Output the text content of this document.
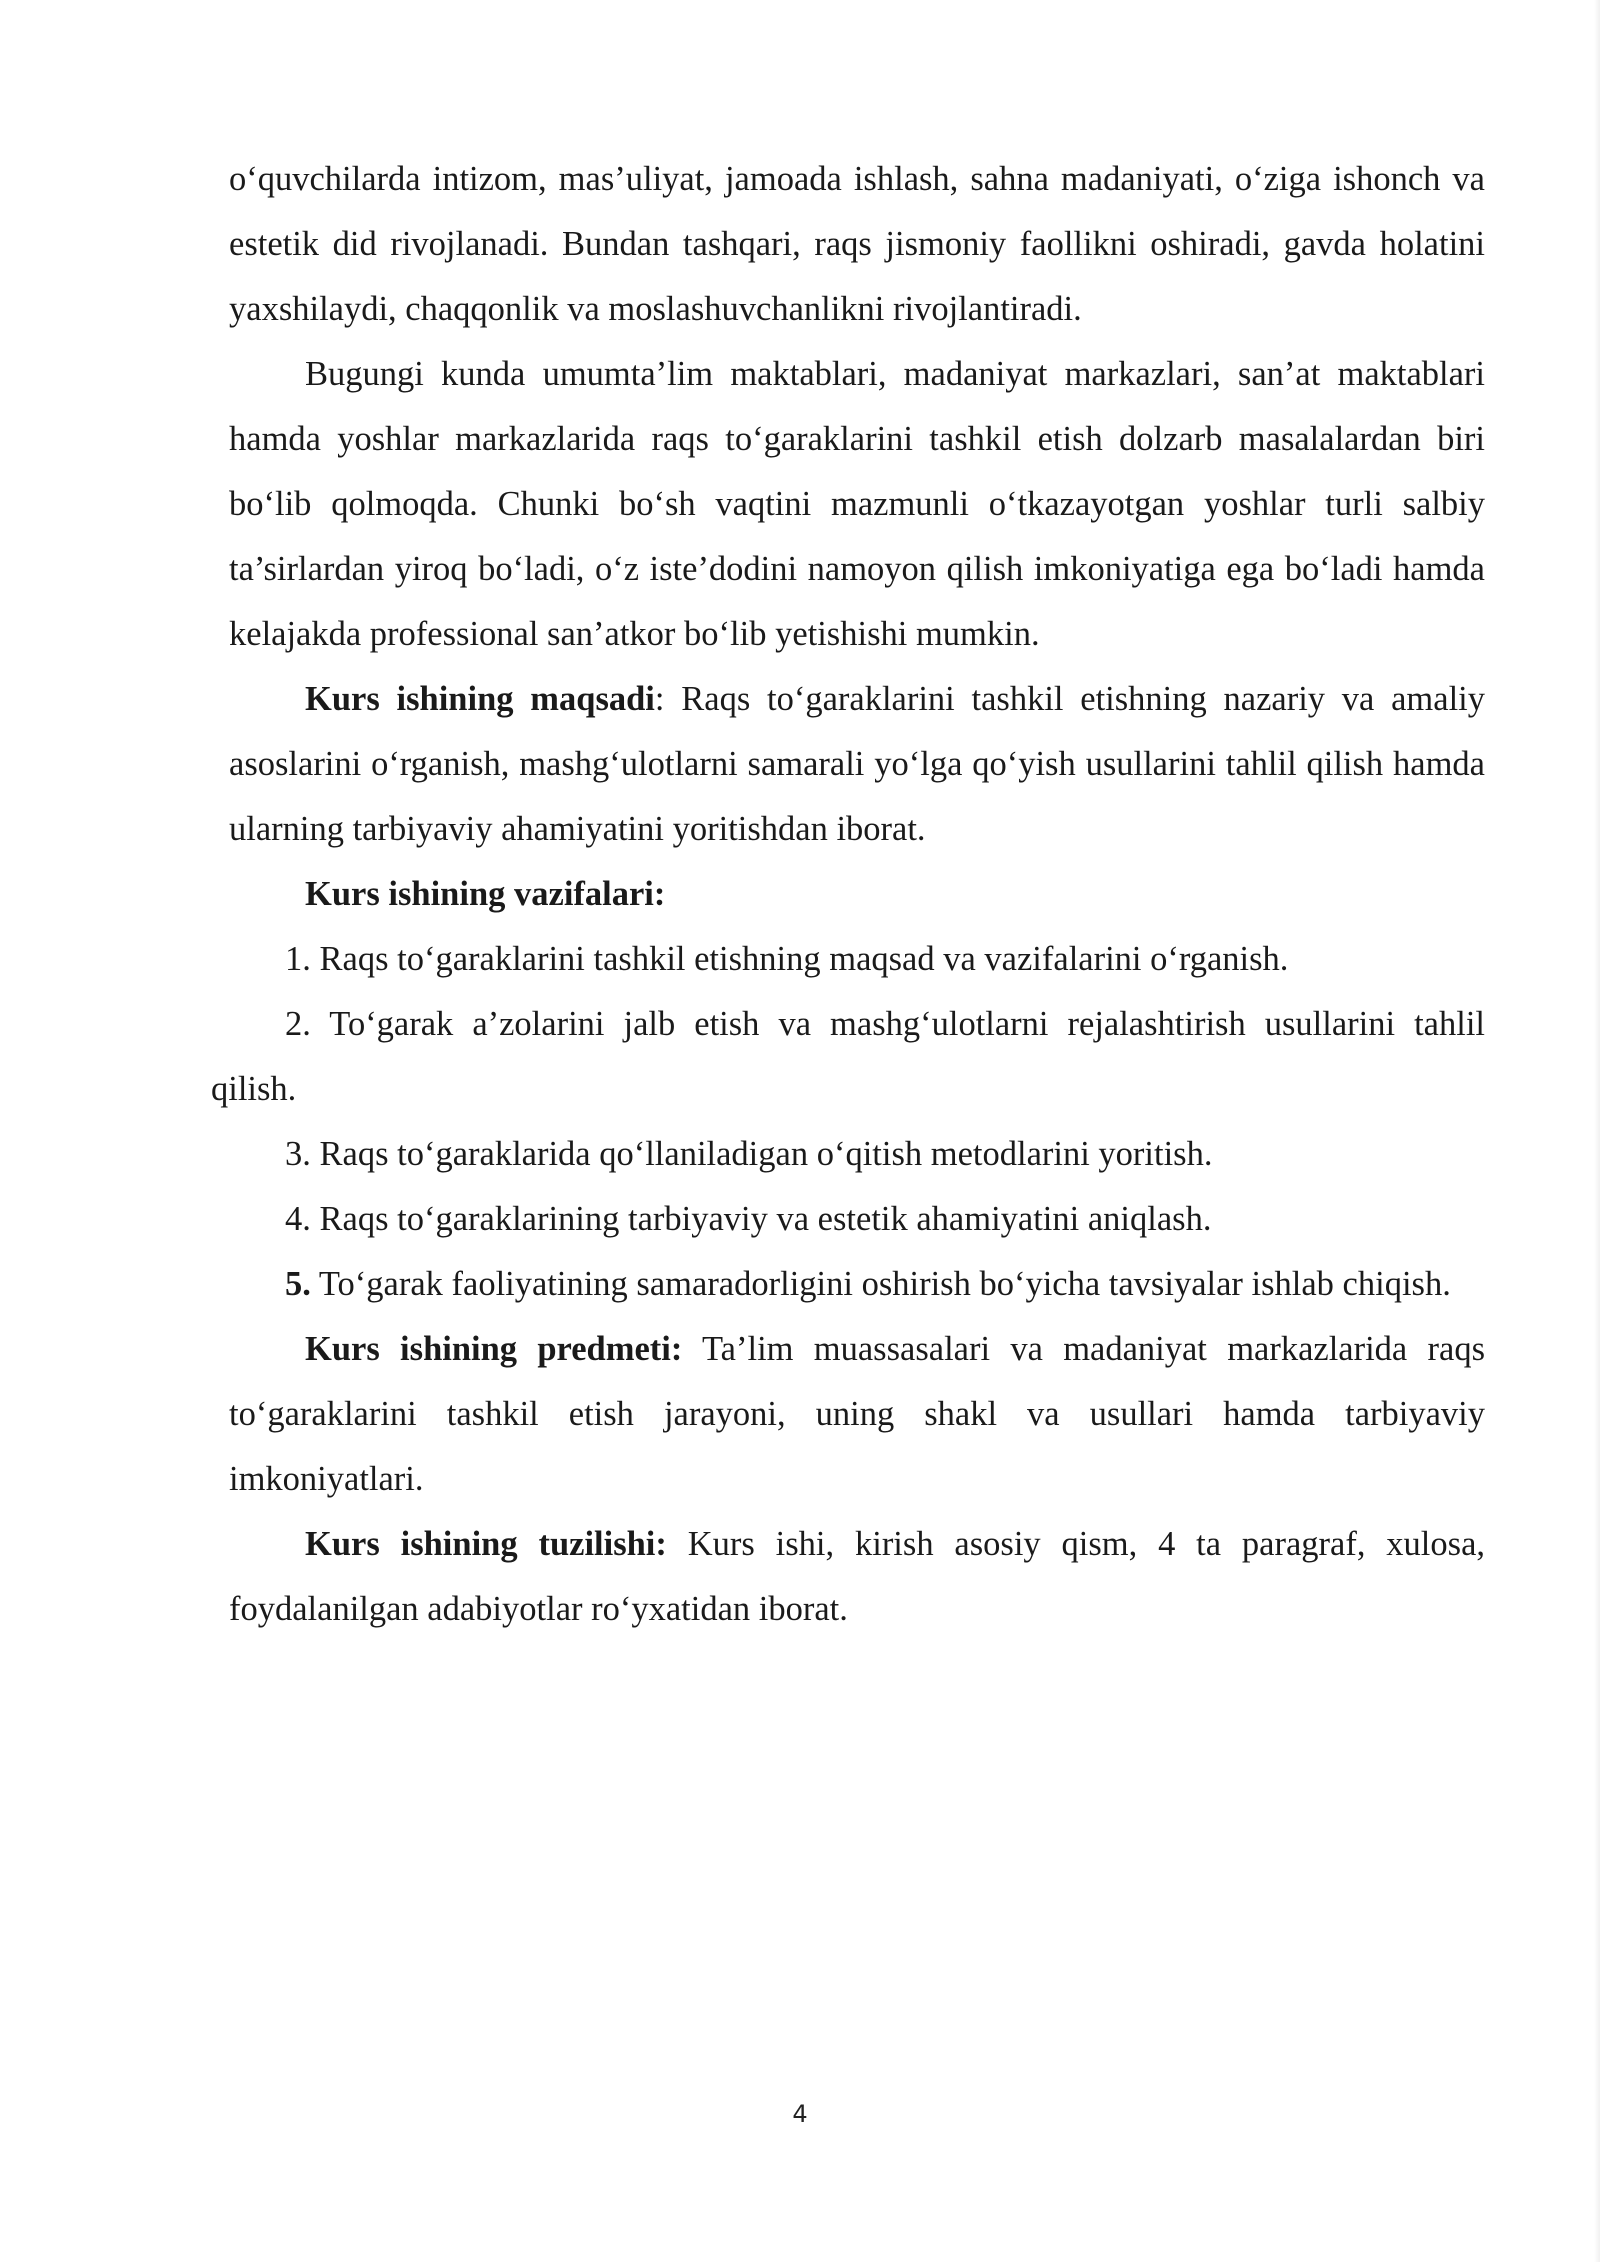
o‘quvchilarda intizom, mas’uliyat, jamoada ishlash, sahna madaniyati, o‘ziga ishonch va estetik did rivojlanadi. Bundan tashqari, raqs jismoniy faollikni oshiradi, gavda holatini yaxshilaydi, chaqqonlik va moslashuvchanlikni rivojlantiradi.

Bugungi kunda umumta’lim maktablari, madaniyat markazlari, san’at maktablari hamda yoshlar markazlarida raqs to‘garaklarini tashkil etish dolzarb masalalardan biri bo‘lib qolmoqda. Chunki bo‘sh vaqtini mazmunli o‘tkazayotgan yoshlar turli salbiy ta’sirlardan yiroq bo‘ladi, o‘z iste’dodini namoyon qilish imkoniyatiga ega bo‘ladi hamda kelajakda professional san’atkor bo‘lib yetishishi mumkin.

Kurs ishining maqsadi: Raqs to‘garaklarini tashkil etishning nazariy va amaliy asoslarini o‘rganish, mashg‘ulotlarni samarali yo‘lga qo‘yish usullarini tahlil qilish hamda ularning tarbiyaviy ahamiyatini yoritishdan iborat.

Kurs ishining vazifalari:

1. Raqs to‘garaklarini tashkil etishning maqsad va vazifalarini o‘rganish.

2. To‘garak a’zolarini jalb etish va mashg‘ulotlarni rejalashtirish usullarini tahlil qilish.

3. Raqs to‘garaklarida qo‘llaniladigan o‘qitish metodlarini yoritish.

4. Raqs to‘garaklarining tarbiyaviy va estetik ahamiyatini aniqlash.

5. To‘garak faoliyatining samaradorligini oshirish bo‘yicha tavsiyalar ishlab chiqish.

Kurs ishining predmeti: Ta’lim muassasalari va madaniyat markazlarida raqs to‘garaklarini tashkil etish jarayoni, uning shakl va usullari hamda tarbiyaviy imkoniyatlari.

Kurs ishining tuzilishi: Kurs ishi, kirish asosiy qism, 4 ta paragraf, xulosa, foydalanilgan adabiyotlar ro‘yxatidan iborat.

4
